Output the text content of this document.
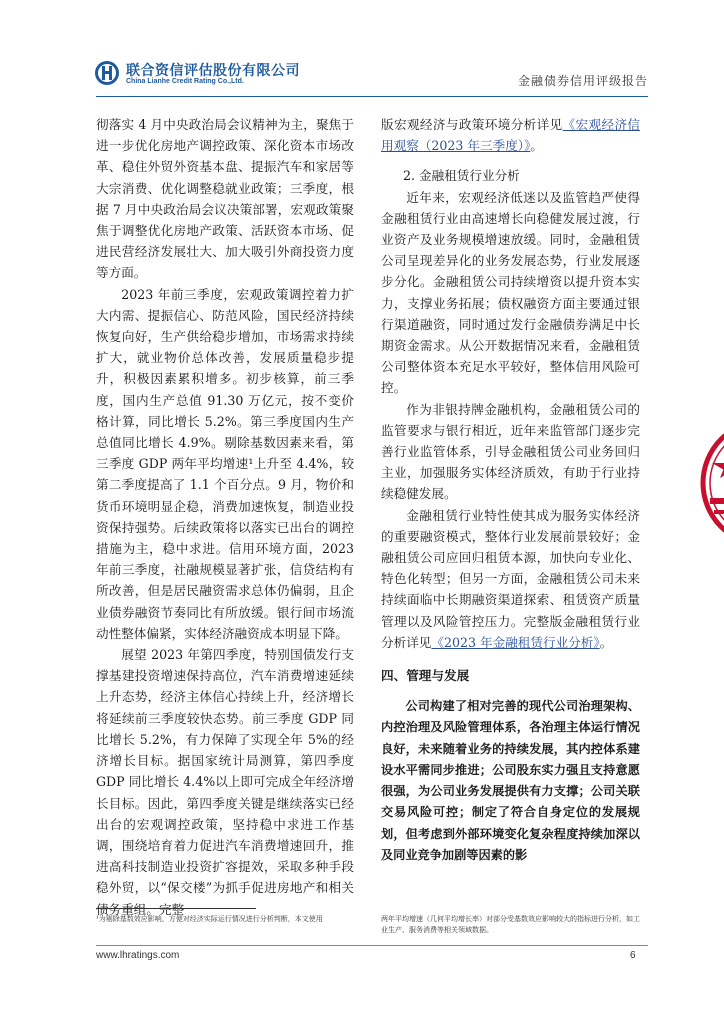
联合资信评估股份有限公司
China Lianhe Credit Rating Co.,Ltd.	金融债券信用评级报告

彻落实 4 月中央政治局会议精神为主，聚焦于进一步优化房地产调控政策、深化资本市场改革、稳住外贸外资基本盘、提振汽车和家居等大宗消费、优化调整稳就业政策；三季度，根据 7 月中央政治局会议决策部署，宏观政策聚焦于调整优化房地产政策、活跃资本市场、促进民营经济发展壮大、加大吸引外商投资力度等方面。

2023 年前三季度，宏观政策调控着力扩大内需、提振信心、防范风险，国民经济持续恢复向好，生产供给稳步增加，市场需求持续扩大，就业物价总体改善，发展质量稳步提升，积极因素累积增多。初步核算，前三季度，国内生产总值 91.30 万亿元，按不变价格计算，同比增长 5.2%。第三季度国内生产总值同比增长 4.9%。剔除基数因素来看，第三季度 GDP 两年平均增速¹上升至 4.4%，较第二季度提高了 1.1 个百分点。9 月，物价和货币环境明显企稳，消费加速恢复，制造业投资保持强势。后续政策将以落实已出台的调控措施为主，稳中求进。信用环境方面，2023 年前三季度，社融规模显著扩张，信贷结构有所改善，但是居民融资需求总体仍偏弱，且企业债券融资节奏同比有所放缓。银行间市场流动性整体偏紧，实体经济融资成本明显下降。

展望 2023 年第四季度，特别国债发行支撑基建投资增速保持高位，汽车消费增速延续上升态势，经济主体信心持续上升，经济增长将延续前三季度较快态势。前三季度 GDP 同比增长 5.2%，有力保障了实现全年 5%的经济增长目标。据国家统计局测算，第四季度 GDP 同比增长 4.4%以上即可完成全年经济增长目标。因此，第四季度关键是继续落实已经出台的宏观调控政策，坚持稳中求进工作基调，围绕培育着力促进汽车消费增速回升，推进高科技制造业投资扩容提效，采取多种手段稳外贸，以“保交楼”为抓手促进房地产和相关债务重组。完整

版宏观经济与政策环境分析详见《宏观经济信用观察（2023 年三季度）》。

2. 金融租赁行业分析

近年来，宏观经济低迷以及监管趋严使得金融租赁行业由高速增长向稳健发展过渡，行业资产及业务规模增速放缓。同时，金融租赁公司呈现差异化的业务发展态势，行业发展逐步分化。金融租赁公司持续增资以提升资本实力，支撑业务拓展；债权融资方面主要通过银行渠道融资，同时通过发行金融债券满足中长期资金需求。从公开数据情况来看，金融租赁公司整体资本充足水平较好，整体信用风险可控。

作为非银持牌金融机构，金融租赁公司的监管要求与银行相近，近年来监管部门逐步完善行业监管体系，引导金融租赁公司业务回归主业，加强服务实体经济质效，有助于行业持续稳健发展。

金融租赁行业特性使其成为服务实体经济的重要融资模式，整体行业发展前景较好；金融租赁公司应回归租赁本源，加快向专业化、特色化转型；但另一方面，金融租赁公司未来持续面临中长期融资渠道探索、租赁资产质量管理以及风险管控压力。完整版金融租赁行业分析详见《2023 年金融租赁行业分析》。

四、管理与发展

公司构建了相对完善的现代公司治理架构、内控治理及风险管理体系，各治理主体运行情况良好，未来随着业务的持续发展，其内控体系建设水平需同步推进；公司股东实力强且支持意愿很强，为公司业务发展提供有力支撑；公司关联交易风险可控；制定了符合自身定位的发展规划，但考虑到外部环境变化复杂程度持续加深以及同业竞争加剧等因素的影

¹为剔除基数效应影响，方便对经济实际运行情况进行分析判断，本文使用	两年平均增速（几何平均增长率）对部分受基数效应影响较大的指标进行分析，如工业生产、服务消费等相关领域数据。
www.lhratings.com	6
